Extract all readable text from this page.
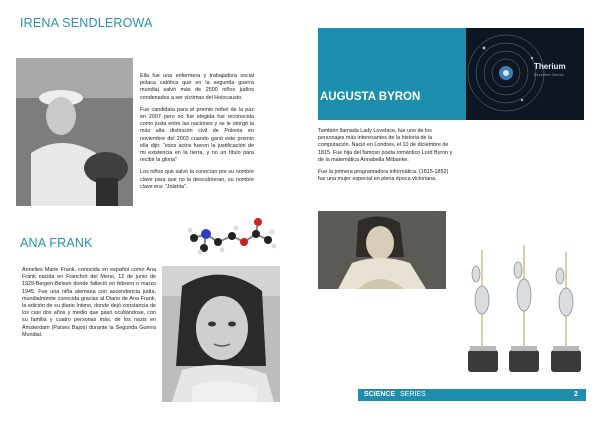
IRENA SENDLEROWA

Ella fue una enfermera y trabajadora social polaca católica que en la segunda guerra mundial salvó más de 2500 niños judíos condenados a ser víctimas del Holocausto.

Fue candidata para el premio nobel de la paz en 2007 pero no fue elegida fue reconocida como justa entre las naciones y se le otorgó la más alta distinción civil de Polonia en noviembre del 2003 cuando ganó este premio ella dijo: "esos actos fueron la justificación de mi existencia en la tierra, y no un título para recibir la gloria"

Los niños que salvó la conocían por su nombre clave para que no la descubrieran, su nombre clave era: "Jolanta".

ANA FRANK

Annelies Marie Frank, conocida en español como Ana Frank nacida en Francfort del Meno, 12 de junio de 1929-Bergen-Belsen donde falleció en febrero o marzo 1945. Fue una niña alemana con ascendencia judía, mundialmente conocida gracias al Diario de Ana Frank, la edición de su diario íntimo, donde dejó constancia de los casi dos años y medio que pasó ocultándose, con su familia y cuatro personas más, de los nazis en Ámsterdam (Países Bajos) durante la Segunda Guerra Mundial.

AUGUSTA BYRON
Therium
Excellent Series

También llamada Lady Lovelace, fue uno de los personajes más interesantes de la historia de la computación. Nació en Londres, el 10 de diciembre de 1815. Fue hija del famoso poeta romántico Lord Byron y de la matemática Annabella Milbanke.

Fue la primera programadora informática. (1815-1852) fue una mujer especial en plena época victoriana.

SCIENCE SERIES	2
